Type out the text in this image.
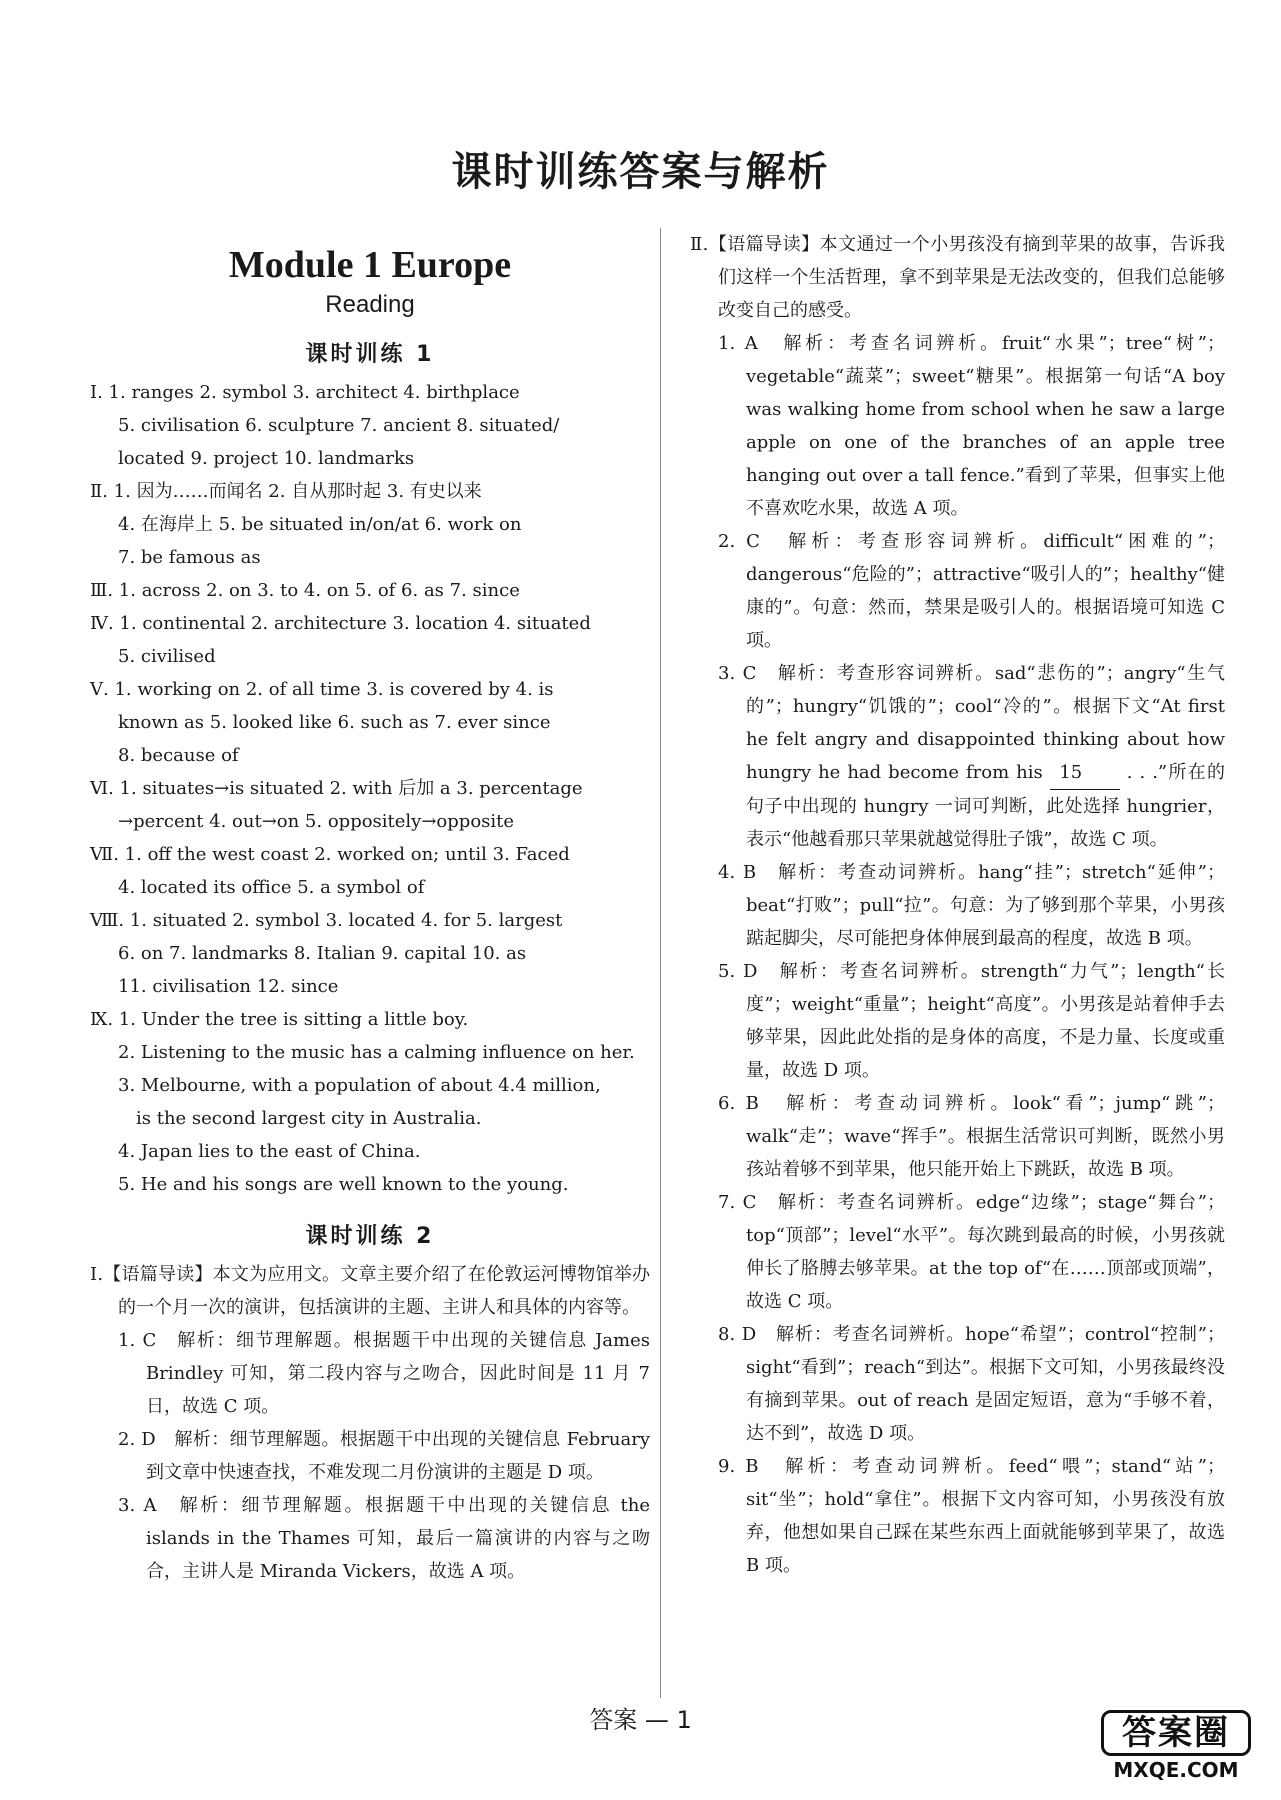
课时训练答案与解析
Module 1 Europe
Reading
课时训练 1
Ⅰ. 1. ranges 2. symbol 3. architect 4. birthplace
5. civilisation 6. sculpture 7. ancient 8. situated/
located 9. project 10. landmarks
Ⅱ. 1. 因为……而闻名 2. 自从那时起 3. 有史以来
4. 在海岸上 5. be situated in/on/at 6. work on
7. be famous as
Ⅲ. 1. across 2. on 3. to 4. on 5. of 6. as 7. since
Ⅳ. 1. continental 2. architecture 3. location 4. situated
5. civilised
Ⅴ. 1. working on 2. of all time 3. is covered by 4. is
known as 5. looked like 6. such as 7. ever since
8. because of
Ⅵ. 1. situates→is situated 2. with 后加 a 3. percentage
→percent 4. out→on 5. oppositely→opposite
Ⅶ. 1. off the west coast 2. worked on; until 3. Faced
4. located its office 5. a symbol of
Ⅷ. 1. situated 2. symbol 3. located 4. for 5. largest
6. on 7. landmarks 8. Italian 9. capital 10. as
11. civilisation 12. since
Ⅸ. 1. Under the tree is sitting a little boy.
2. Listening to the music has a calming influence on her.
3. Melbourne, with a population of about 4.4 million,
is the second largest city in Australia.
4. Japan lies to the east of China.
5. He and his songs are well known to the young.
课时训练 2
Ⅰ.【语篇导读】本文为应用文。文章主要介绍了在伦敦运河博物馆举办的一个月一次的演讲，包括演讲的主题、主讲人和具体的内容等。
1. C　解析：细节理解题。根据题干中出现的关键信息 James Brindley 可知，第二段内容与之吻合，因此时间是 11 月 7 日，故选 C 项。
2. D　解析：细节理解题。根据题干中出现的关键信息 February 到文章中快速查找，不难发现二月份演讲的主题是 D 项。
3. A　解析：细节理解题。根据题干中出现的关键信息 the islands in the Thames 可知，最后一篇演讲的内容与之吻合，主讲人是 Miranda Vickers，故选 A 项。
Ⅱ.【语篇导读】本文通过一个小男孩没有摘到苹果的故事，告诉我们这样一个生活哲理，拿不到苹果是无法改变的，但我们总能够改变自己的感受。
1. A　解析：考查名词辨析。fruit“水果”；tree“树”；vegetable“蔬菜”；sweet“糖果”。根据第一句话“A boy was walking home from school when he saw a large apple on one of the branches of an apple tree hanging out over a tall fence.”看到了苹果，但事实上他不喜欢吃水果，故选 A 项。
2. C　解析：考查形容词辨析。difficult“困难的”；dangerous“危险的”；attractive“吸引人的”；healthy“健康的”。句意：然而，禁果是吸引人的。根据语境可知选 C 项。
3. C　解析：考查形容词辨析。sad“悲伤的”；angry“生气的”；hungry“饥饿的”；cool“冷的”。根据下文“At first he felt angry and disappointed thinking about how hungry he had become from his 15 . . .”所在的句子中出现的 hungry 一词可判断，此处选择 hungrier，表示“他越看那只苹果就越觉得肚子饿”，故选 C 项。
4. B　解析：考查动词辨析。hang“挂”；stretch“延伸”；beat“打败”；pull“拉”。句意：为了够到那个苹果，小男孩踮起脚尖，尽可能把身体伸展到最高的程度，故选 B 项。
5. D　解析：考查名词辨析。strength“力气”；length“长度”；weight“重量”；height“高度”。小男孩是站着伸手去够苹果，因此此处指的是身体的高度，不是力量、长度或重量，故选 D 项。
6. B　解析：考查动词辨析。look“看”；jump“跳”；walk“走”；wave“挥手”。根据生活常识可判断，既然小男孩站着够不到苹果，他只能开始上下跳跃，故选 B 项。
7. C　解析：考查名词辨析。edge“边缘”；stage“舞台”；top“顶部”；level“水平”。每次跳到最高的时候，小男孩就伸长了胳膊去够苹果。at the top of“在……顶部或顶端”，故选 C 项。
8. D　解析：考查名词辨析。hope“希望”；control“控制”；sight“看到”；reach“到达”。根据下文可知，小男孩最终没有摘到苹果。out of reach 是固定短语，意为“手够不着，达不到”，故选 D 项。
9. B　解析：考查动词辨析。feed“喂”；stand“站”；sit“坐”；hold“拿住”。根据下文内容可知，小男孩没有放弃，他想如果自己踩在某些东西上面就能够到苹果了，故选 B 项。
答案 — 1	答案圈
MXQE.COM
